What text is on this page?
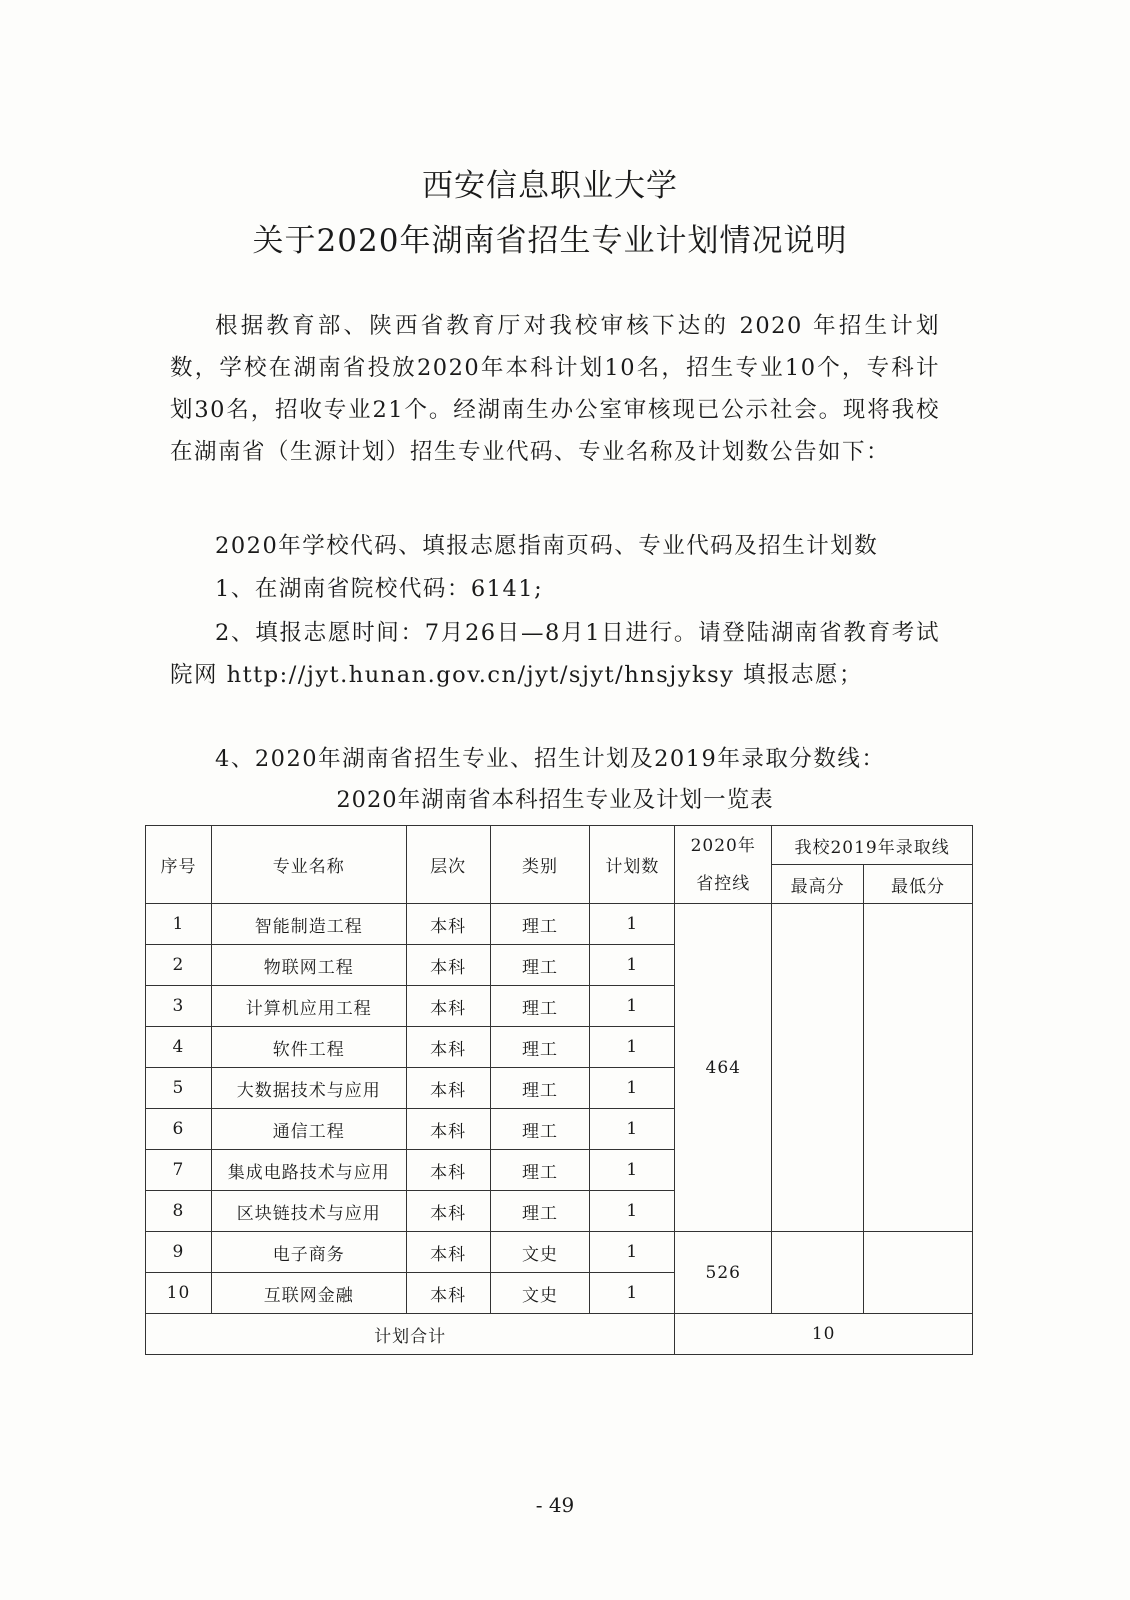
西安信息职业大学
关于2020年湖南省招生专业计划情况说明

根据教育部、陕西省教育厅对我校审核下达的 2020 年招生计划数，学校在湖南省投放2020年本科计划10名，招生专业10个，专科计划30名，招收专业21个。经湖南生办公室审核现已公示社会。现将我校在湖南省（生源计划）招生专业代码、专业名称及计划数公告如下：

2020年学校代码、填报志愿指南页码、专业代码及招生计划数

1、在湖南省院校代码：6141;

2、填报志愿时间：7月26日—8月1日进行。请登陆湖南省教育考试院网 http://jyt.hunan.gov.cn/jyt/sjyt/hnsjyksy 填报志愿；

4、2020年湖南省招生专业、招生计划及2019年录取分数线：

2020年湖南省本科招生专业及计划一览表

序号	专业名称	层次	类别	计划数	2020年
省控线	我校2019年录取线	
						最高分	最低分
1	智能制造工程	本科	理工	1	464		
2	物联网工程	本科	理工	1			
3	计算机应用工程	本科	理工	1			
4	软件工程	本科	理工	1			
5	大数据技术与应用	本科	理工	1			
6	通信工程	本科	理工	1			
7	集成电路技术与应用	本科	理工	1			
8	区块链技术与应用	本科	理工	1			
9	电子商务	本科	文史	1	526		
10	互联网金融	本科	文史	1			
计划合计					10		

- 49
